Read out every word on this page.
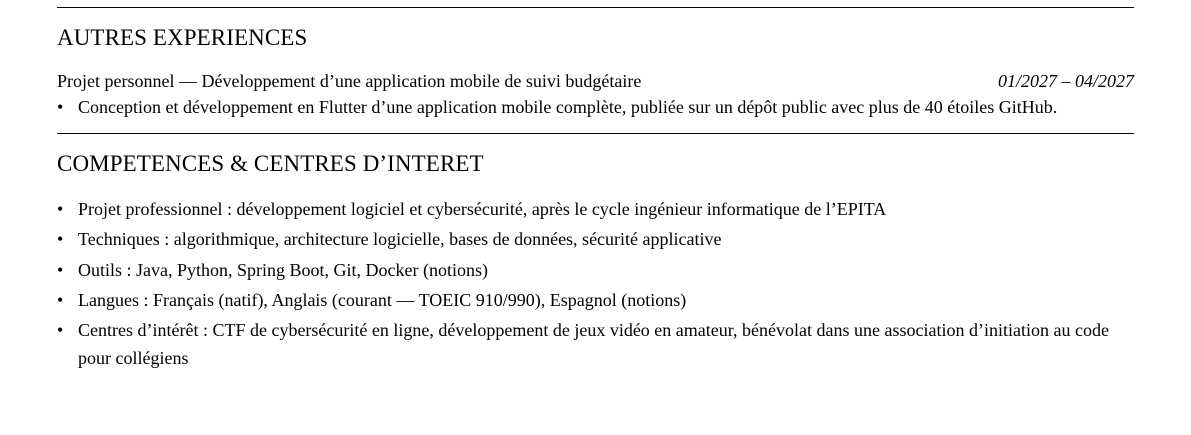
AUTRES EXPERIENCES
Projet personnel — Développement d’une application mobile de suivi budgétaire	01/2027 – 04/2027
• Conception et développement en Flutter d’une application mobile complète, publiée sur un dépôt public avec plus de 40 étoiles GitHub.
COMPETENCES & CENTRES D’INTERET
• Projet professionnel : développement logiciel et cybersécurité, après le cycle ingénieur informatique de l’EPITA
• Techniques : algorithmique, architecture logicielle, bases de données, sécurité applicative
• Outils : Java, Python, Spring Boot, Git, Docker (notions)
• Langues : Français (natif), Anglais (courant — TOEIC 910/990), Espagnol (notions)
• Centres d’intérêt : CTF de cybersécurité en ligne, développement de jeux vidéo en amateur, bénévolat dans une association d’initiation au code pour collégiens
